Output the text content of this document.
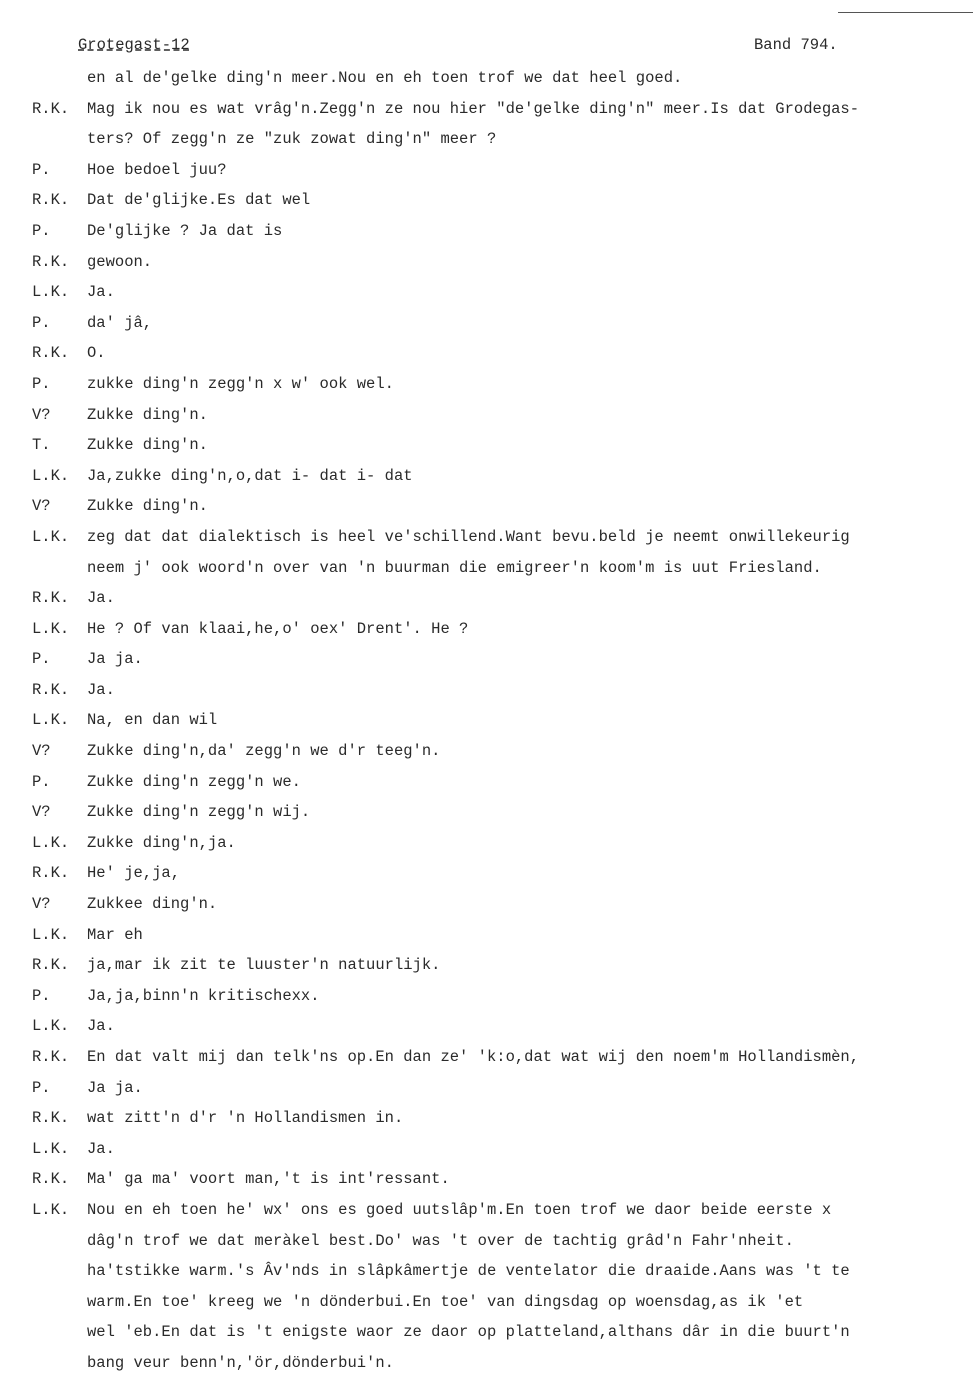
Grotegast-12	Band 794.
en al de'gelke ding'n meer.Nou en eh toen trof we dat heel goed.
R.K. Mag ik nou es wat vrâg'n.Zegg'n ze nou hier "de'gelke ding'n" meer.Is dat Grodegas-
ters? Of zegg'n ze "zuk zowat ding'n" meer ?
P. Hoe bedoel juu?
R.K. Dat de'glijke.Es dat wel
P. De'glijke ? Ja dat is
R.K. gewoon.
L.K. Ja.
P. da' jâ,
R.K. O.
P. zukke ding'n zegg'n x w' ook wel.
V? Zukke ding'n.
T. Zukke ding'n.
L.K. Ja,zukke ding'n,o,dat i- dat i- dat
V? Zukke ding'n.
L.K. zeg dat dat dialektisch is heel ve'schillend.Want bevu.beld je neemt onwillekeurig
neem j' ook woord'n over van 'n buurman die emigreer'n koom'm is uut Friesland.
R.K. Ja.
L.K. He ? Of van klaai,he,o' oex' Drent'. He ?
P. Ja ja.
R.K. Ja.
L.K. Na, en dan wil
V? Zukke ding'n,da' zegg'n we d'r teeg'n.
P. Zukke ding'n zegg'n we.
V? Zukke ding'n zegg'n wij.
L.K. Zukke ding'n,ja.
R.K. He' je,ja,
V? Zukkee ding'n.
L.K. Mar eh
R.K. ja,mar ik zit te luuster'n natuurlijk.
P. Ja,ja,binn'n kritischexx.
L.K. Ja.
R.K. En dat valt mij dan telk'ns op.En dan ze' 'k:o,dat wat wij den noem'm Hollandismèn,
P. Ja ja.
R.K. wat zitt'n d'r 'n Hollandismen in.
L.K. Ja.
R.K. Ma' ga ma' voort man,'t is int'ressant.
L.K. Nou en eh toen he' wx' ons es goed uutslâp'm.En toen trof we daor beide eerste x
dâg'n trof we dat meràkel best.Do' was 't over de tachtig grâd'n Fahr'nheit.
ha'tstikke warm.'s Âv'nds in slâpkâmertje de ventelator die draaide.Aans was 't te
warm.En toe' kreeg we 'n dönderbui.En toe' van dingsdag op woensdag,as ik 'et
wel 'eb.En dat is 't enigste waor ze daor op platteland,althans dâr in die buurt'n
bang veur benn'n,'ör,dönderbui'n.
